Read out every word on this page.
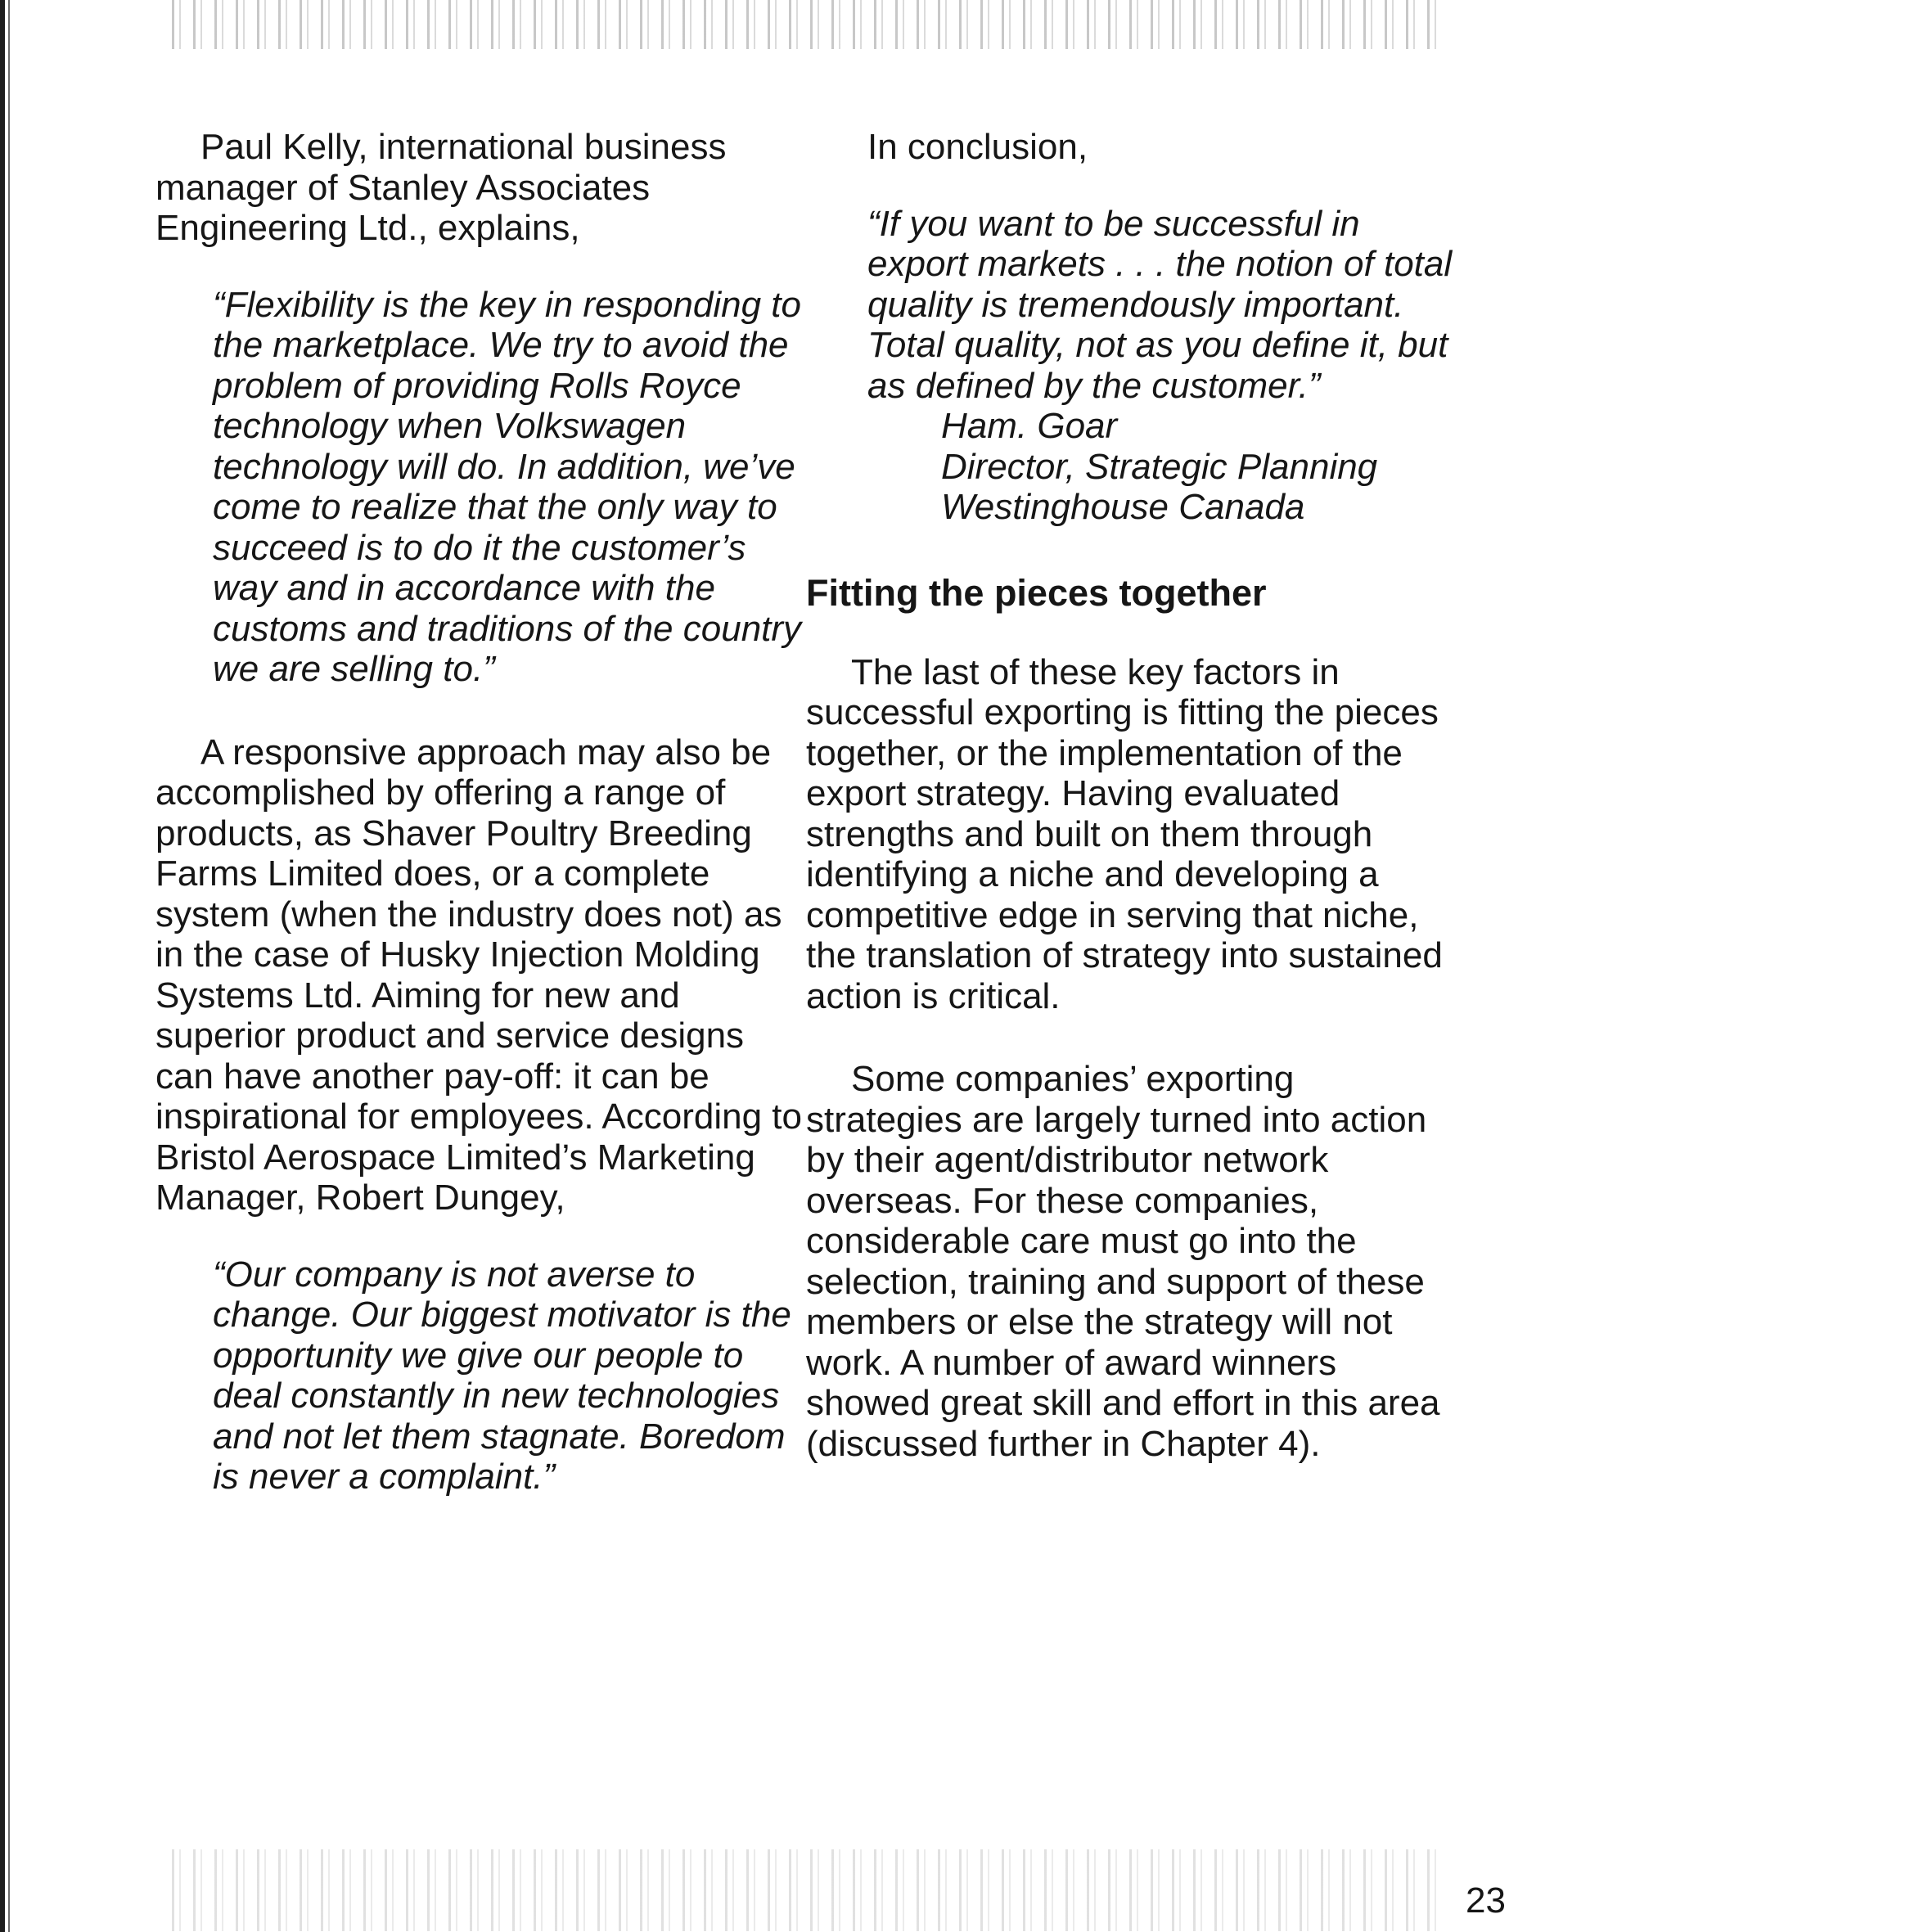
Paul Kelly, international business manager of Stanley Associates Engineering Ltd., explains,

“Flexibility is the key in responding to the marketplace. We try to avoid the problem of providing Rolls Royce technology when Volkswagen technology will do. In addition, we’ve come to realize that the only way to succeed is to do it the customer’s way and in accordance with the customs and traditions of the country we are selling to.”

A responsive approach may also be accomplished by offering a range of products, as Shaver Poultry Breeding Farms Limited does, or a complete system (when the industry does not) as in the case of Husky Injection Molding Systems Ltd. Aiming for new and superior product and service designs can have another pay-off: it can be inspirational for employees. According to Bristol Aerospace Limited’s Marketing Manager, Robert Dungey,

“Our company is not averse to change. Our biggest motivator is the opportunity we give our people to deal constantly in new technologies and not let them stagnate. Boredom is never a complaint.”

In conclusion,

“If you want to be successful in export markets . . . the notion of total quality is tremendously important. Total quality, not as you define it, but as defined by the customer.”

Ham. Goar
Director, Strategic Planning
Westinghouse Canada
Fitting the pieces together

The last of these key factors in successful exporting is fitting the pieces together, or the implementation of the export strategy. Having evaluated strengths and built on them through identifying a niche and developing a competitive edge in serving that niche, the translation of strategy into sustained action is critical.

Some companies’ exporting strategies are largely turned into action by their agent/distributor network overseas. For these companies, considerable care must go into the selection, training and support of these members or else the strategy will not work. A number of award winners showed great skill and effort in this area (discussed further in Chapter 4).

23
